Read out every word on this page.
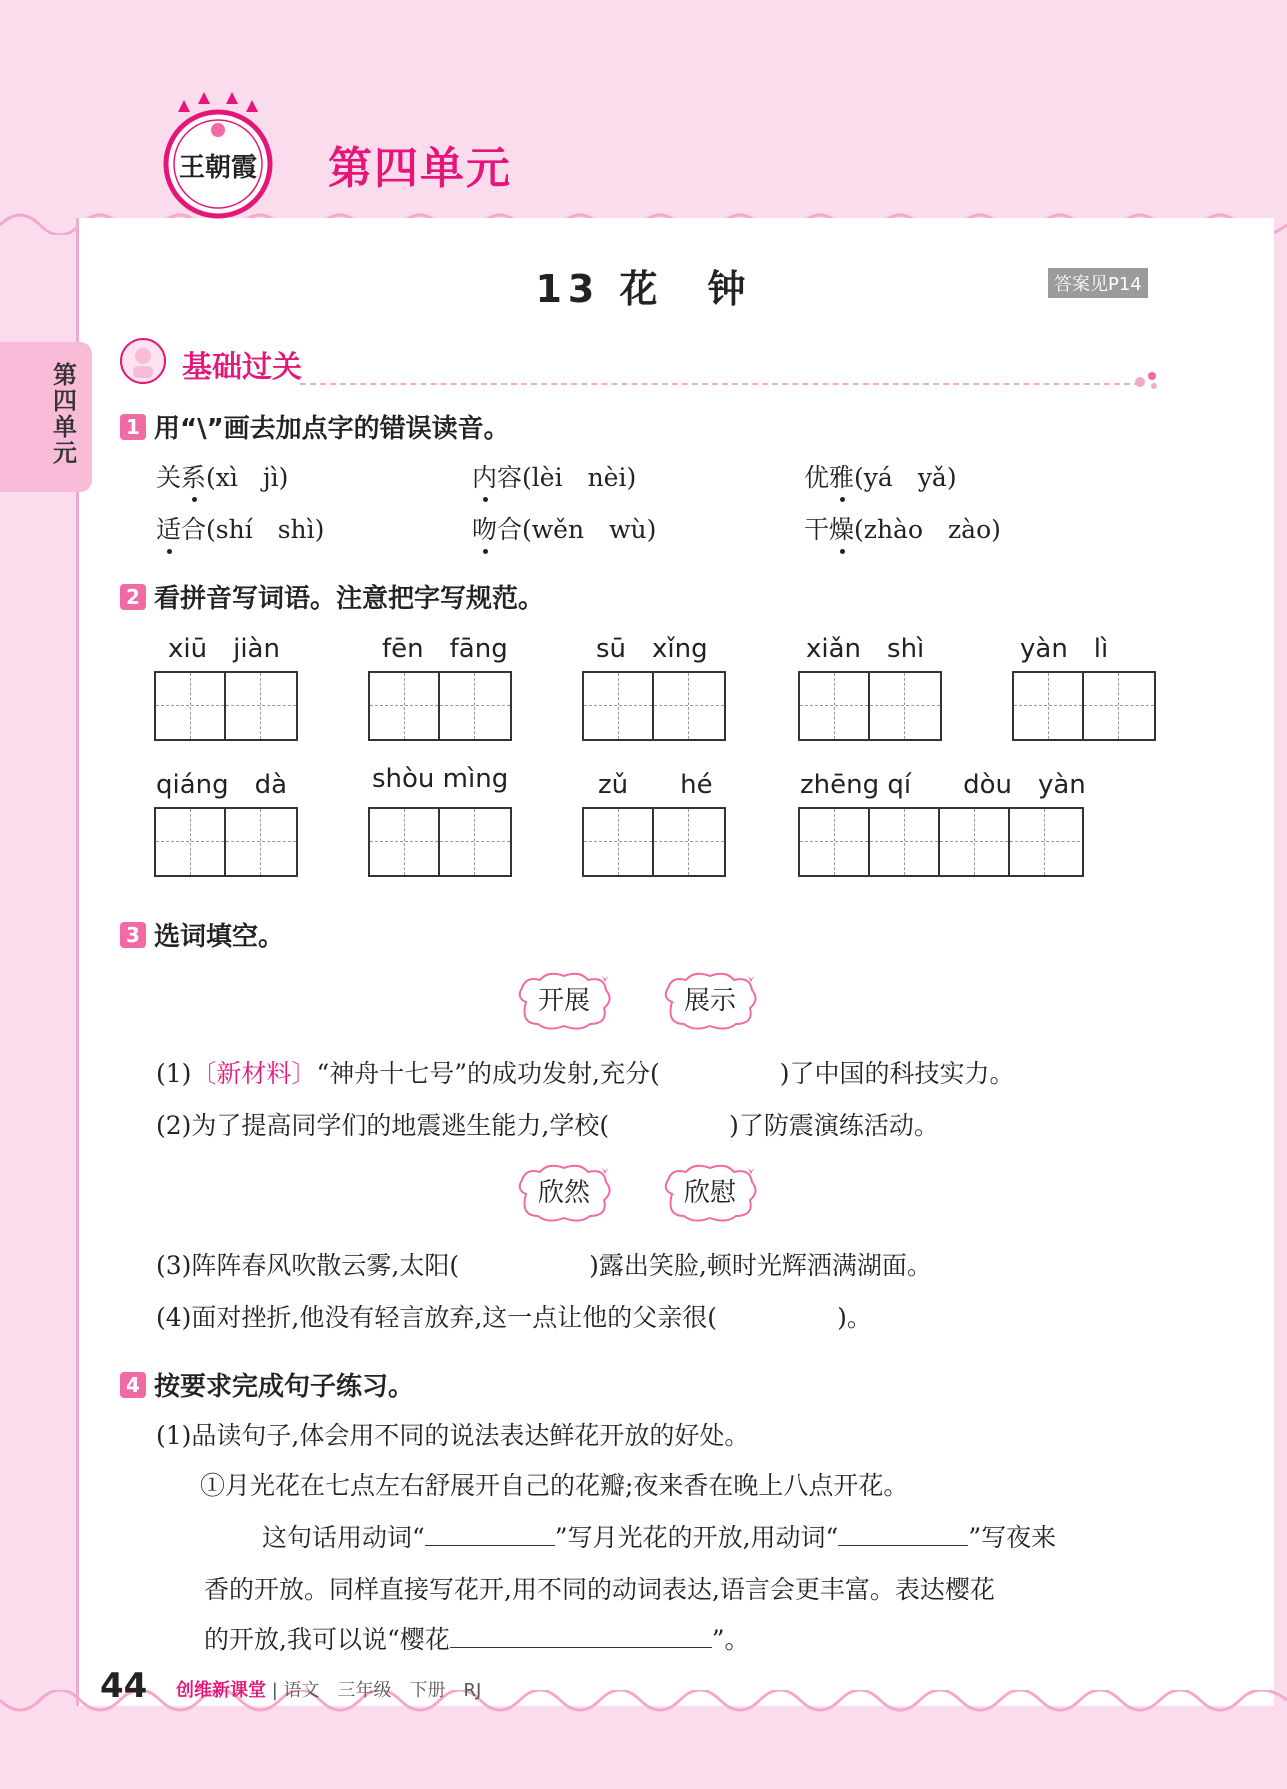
王朝霞 第四单元
第四单元
13 花　钟	答案见P14
基础过关
1 用“\”画去加点字的错误读音。
关系(xì　jì)	内容(lèi　nèi)	优雅(yá　yǎ)
适合(shí　shì)	吻合(wěn　wù)	干燥(zhào　zào)
2 看拼音写词语。注意把字写规范。
xiū　jiàn	fēn　fāng	sū　xǐng	xiǎn　shì	yàn　lì
qiáng　dà	shòu mìng	zǔ　　hé	zhēng qí　　dòu　yàn
3 选词填空。
开展	展示
(1)〔新材料〕“神舟十七号”的成功发射,充分(	)了中国的科技实力。
(2)为了提高同学们的地震逃生能力,学校(	)了防震演练活动。
欣然	欣慰
(3)阵阵春风吹散云雾,太阳(	)露出笑脸,顿时光辉洒满湖面。
(4)面对挫折,他没有轻言放弃,这一点让他的父亲很(	)。
4 按要求完成句子练习。
(1)品读句子,体会用不同的说法表达鲜花开放的好处。
①月光花在七点左右舒展开自己的花瓣;夜来香在晚上八点开花。
这句话用动词“	”写月光花的开放,用动词“	”写夜来
香的开放。同样直接写花开,用不同的动词表达,语言会更丰富。表达樱花
的开放,我可以说“樱花	”。
44 创维新课堂 | 语文　三年级　下册　RJ
